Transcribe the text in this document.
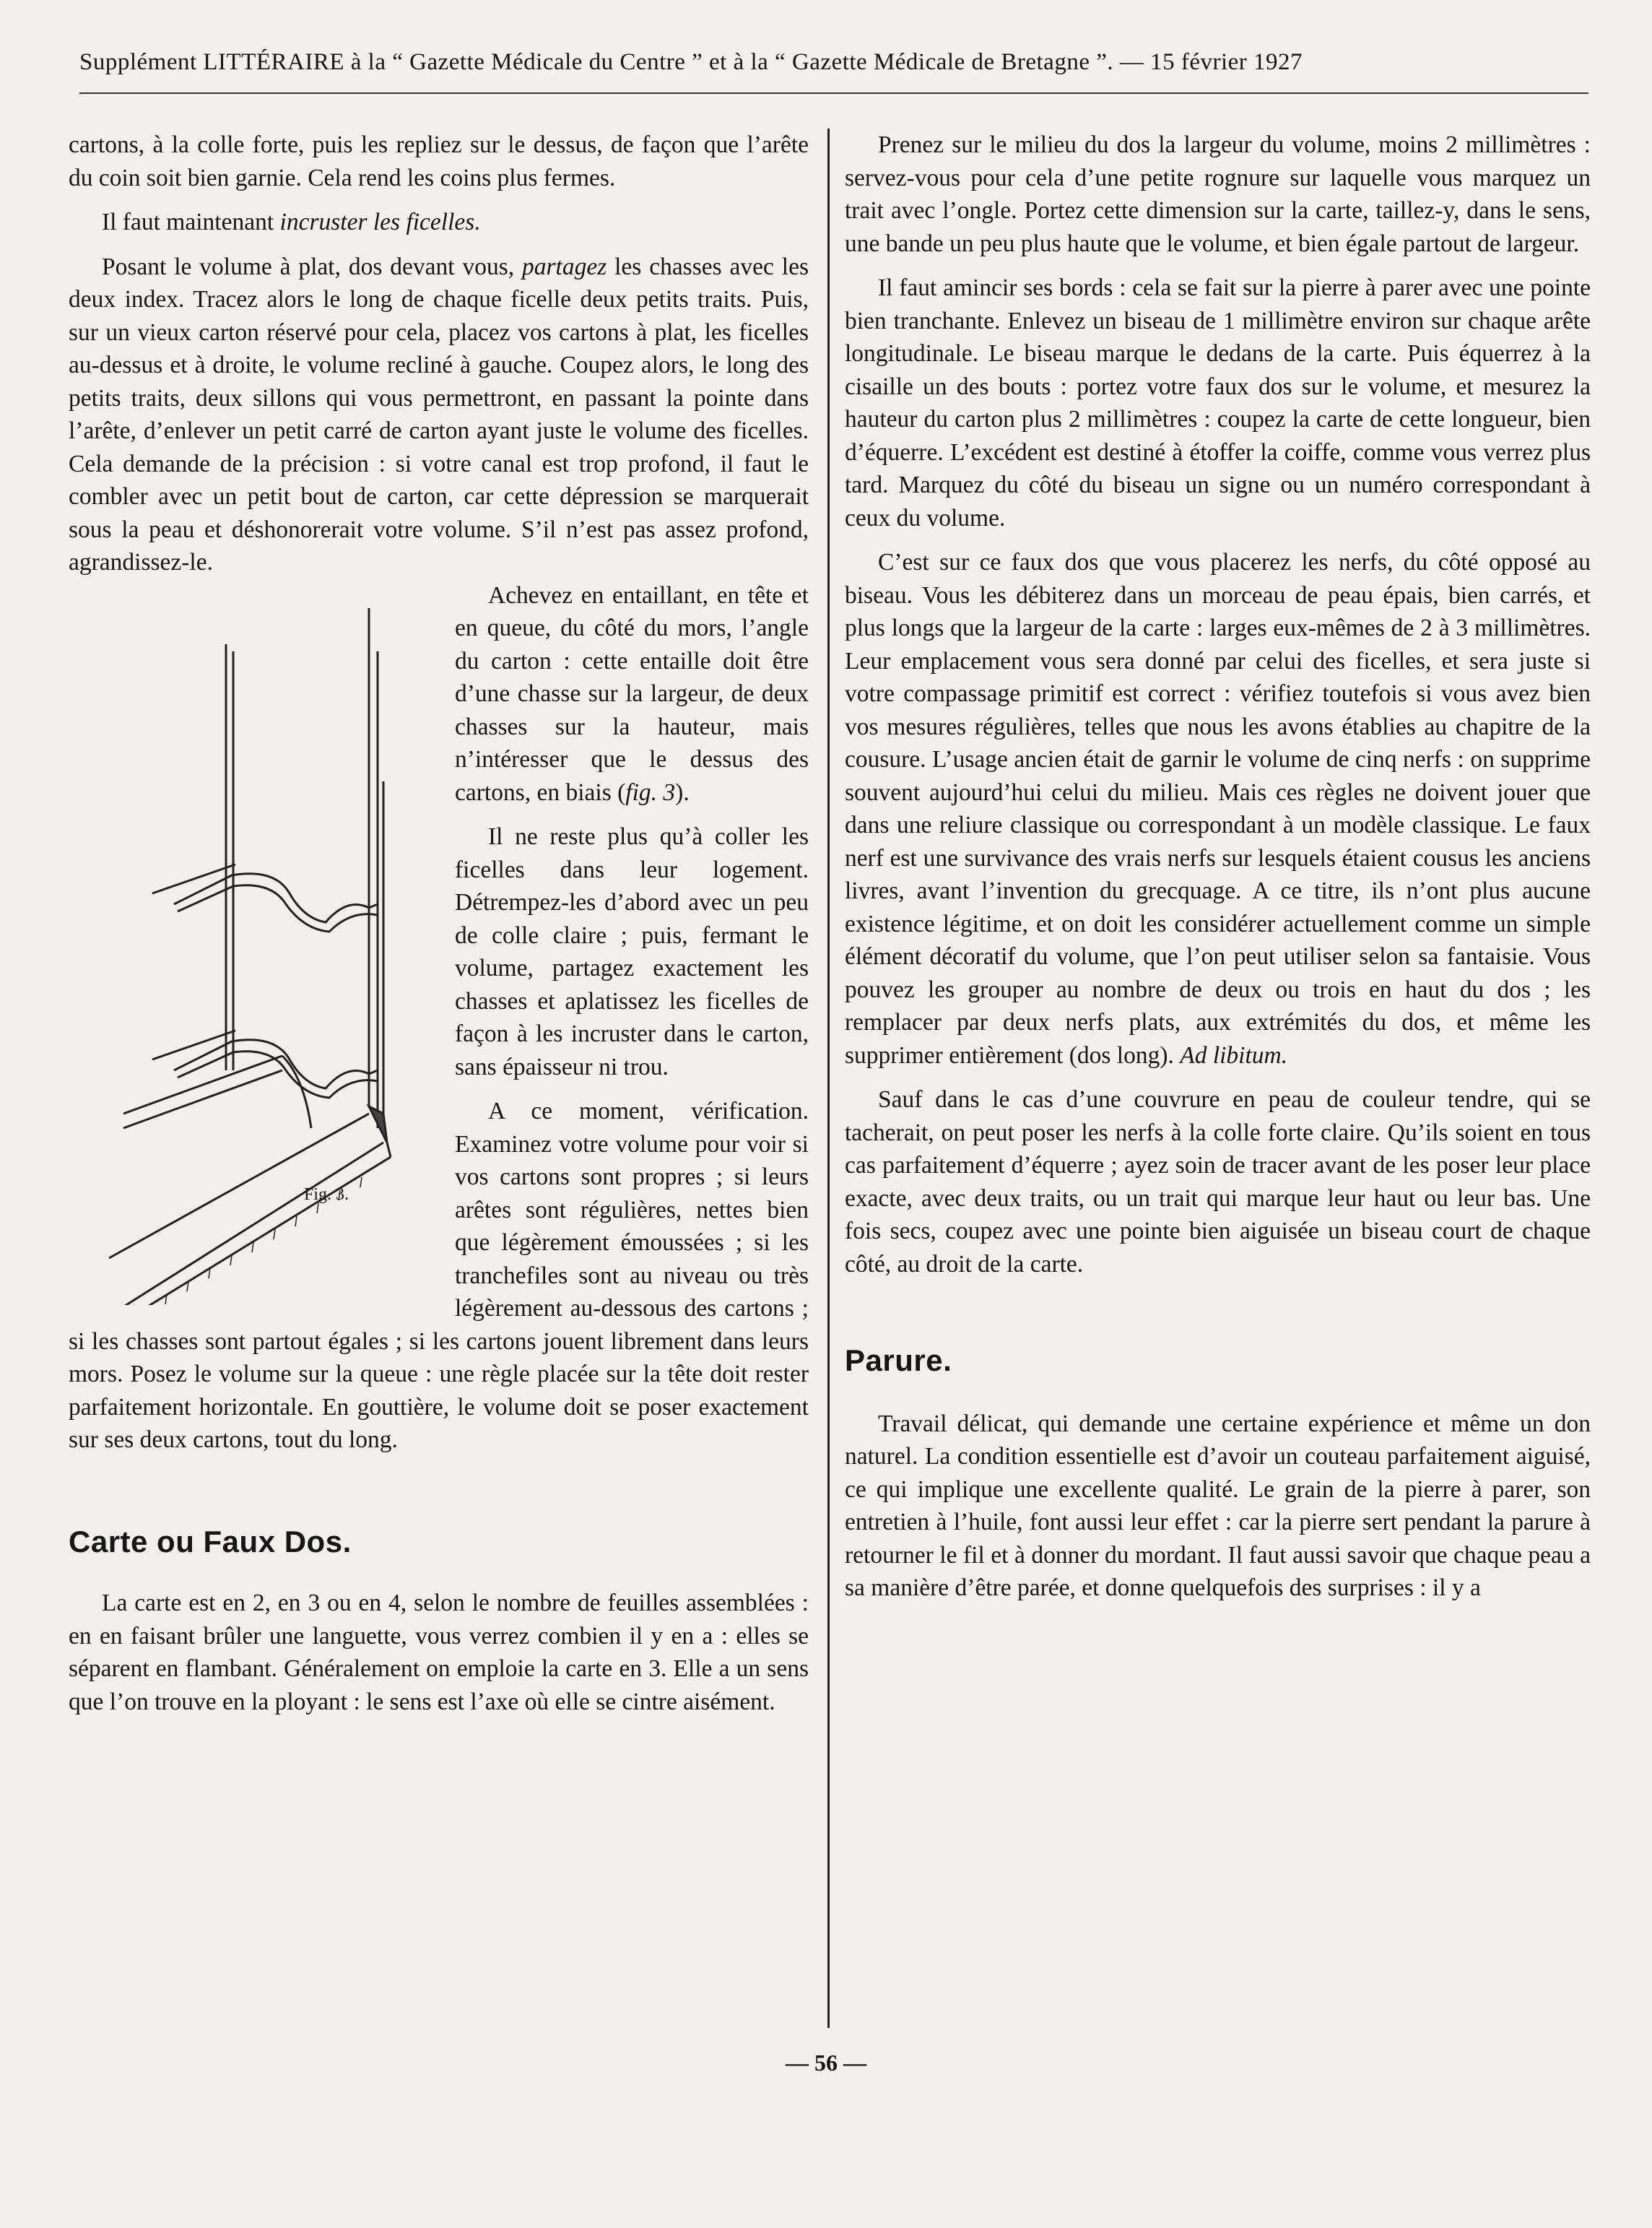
Supplément LITTÉRAIRE à la “ Gazette Médicale du Centre ” et à la “ Gazette Médicale de Bretagne ”. — 15 février 1927

cartons, à la colle forte, puis les repliez sur le dessus, de façon que l’arête du coin soit bien garnie. Cela rend les coins plus fermes.

Il faut maintenant incruster les ficelles.

Posant le volume à plat, dos devant vous, partagez les chasses avec les deux index. Tracez alors le long de chaque ficelle deux petits traits. Puis, sur un vieux carton réservé pour cela, placez vos cartons à plat, les ficelles au-dessus et à droite, le volume recliné à gauche. Coupez alors, le long des petits traits, deux sillons qui vous permettront, en passant la pointe dans l’arête, d’enlever un petit carré de carton ayant juste le volume des ficelles. Cela demande de la précision : si votre canal est trop profond, il faut le combler avec un petit bout de carton, car cette dépression se marquerait sous la peau et déshonorerait votre volume. S’il n’est pas assez profond, agrandissez-le.

Fig. 3.

Achevez en entaillant, en tête et en queue, du côté du mors, l’angle du carton : cette entaille doit être d’une chasse sur la largeur, de deux chasses sur la hauteur, mais n’intéresser que le dessus des cartons, en biais (fig. 3).

Il ne reste plus qu’à coller les ficelles dans leur logement. Détrempez-les d’abord avec un peu de colle claire ; puis, fermant le volume, partagez exactement les chasses et aplatissez les ficelles de façon à les incruster dans le carton, sans épaisseur ni trou.

A ce moment, vérification. Examinez votre volume pour voir si vos cartons sont propres ; si leurs arêtes sont régulières, nettes bien que légèrement émoussées ; si les tranchefiles sont au niveau ou très légèrement au-dessous des cartons ; si les chasses sont partout égales ; si les cartons jouent librement dans leurs mors. Posez le volume sur la queue : une règle placée sur la tête doit rester parfaitement horizontale. En gouttière, le volume doit se poser exactement sur ses deux cartons, tout du long.

Carte ou Faux Dos.

La carte est en 2, en 3 ou en 4, selon le nombre de feuilles assemblées : en en faisant brûler une languette, vous verrez combien il y en a : elles se séparent en flambant. Généralement on emploie la carte en 3. Elle a un sens que l’on trouve en la ployant : le sens est l’axe où elle se cintre aisément.

Prenez sur le milieu du dos la largeur du volume, moins 2 millimètres : servez-vous pour cela d’une petite rognure sur laquelle vous marquez un trait avec l’ongle. Portez cette dimension sur la carte, taillez-y, dans le sens, une bande un peu plus haute que le volume, et bien égale partout de largeur.

Il faut amincir ses bords : cela se fait sur la pierre à parer avec une pointe bien tranchante. Enlevez un biseau de 1 millimètre environ sur chaque arête longitudinale. Le biseau marque le dedans de la carte. Puis équerrez à la cisaille un des bouts : portez votre faux dos sur le volume, et mesurez la hauteur du carton plus 2 millimètres : coupez la carte de cette longueur, bien d’équerre. L’excédent est destiné à étoffer la coiffe, comme vous verrez plus tard. Marquez du côté du biseau un signe ou un numéro correspondant à ceux du volume.

C’est sur ce faux dos que vous placerez les nerfs, du côté opposé au biseau. Vous les débiterez dans un morceau de peau épais, bien carrés, et plus longs que la largeur de la carte : larges eux-mêmes de 2 à 3 millimètres. Leur emplacement vous sera donné par celui des ficelles, et sera juste si votre compassage primitif est correct : vérifiez toutefois si vous avez bien vos mesures régulières, telles que nous les avons établies au chapitre de la cousure. L’usage ancien était de garnir le volume de cinq nerfs : on supprime souvent aujourd’hui celui du milieu. Mais ces règles ne doivent jouer que dans une reliure classique ou correspondant à un modèle classique. Le faux nerf est une survivance des vrais nerfs sur lesquels étaient cousus les anciens livres, avant l’invention du grecquage. A ce titre, ils n’ont plus aucune existence légitime, et on doit les considérer actuellement comme un simple élément décoratif du volume, que l’on peut utiliser selon sa fantaisie. Vous pouvez les grouper au nombre de deux ou trois en haut du dos ; les remplacer par deux nerfs plats, aux extrémités du dos, et même les supprimer entièrement (dos long). Ad libitum.

Sauf dans le cas d’une couvrure en peau de couleur tendre, qui se tacherait, on peut poser les nerfs à la colle forte claire. Qu’ils soient en tous cas parfaitement d’équerre ; ayez soin de tracer avant de les poser leur place exacte, avec deux traits, ou un trait qui marque leur haut ou leur bas. Une fois secs, coupez avec une pointe bien aiguisée un biseau court de chaque côté, au droit de la carte.

Parure.

Travail délicat, qui demande une certaine expérience et même un don naturel. La condition essentielle est d’avoir un couteau parfaitement aiguisé, ce qui implique une excellente qualité. Le grain de la pierre à parer, son entretien à l’huile, font aussi leur effet : car la pierre sert pendant la parure à retourner le fil et à donner du mordant. Il faut aussi savoir que chaque peau a sa manière d’être parée, et donne quelquefois des surprises : il y a

— 56 —
